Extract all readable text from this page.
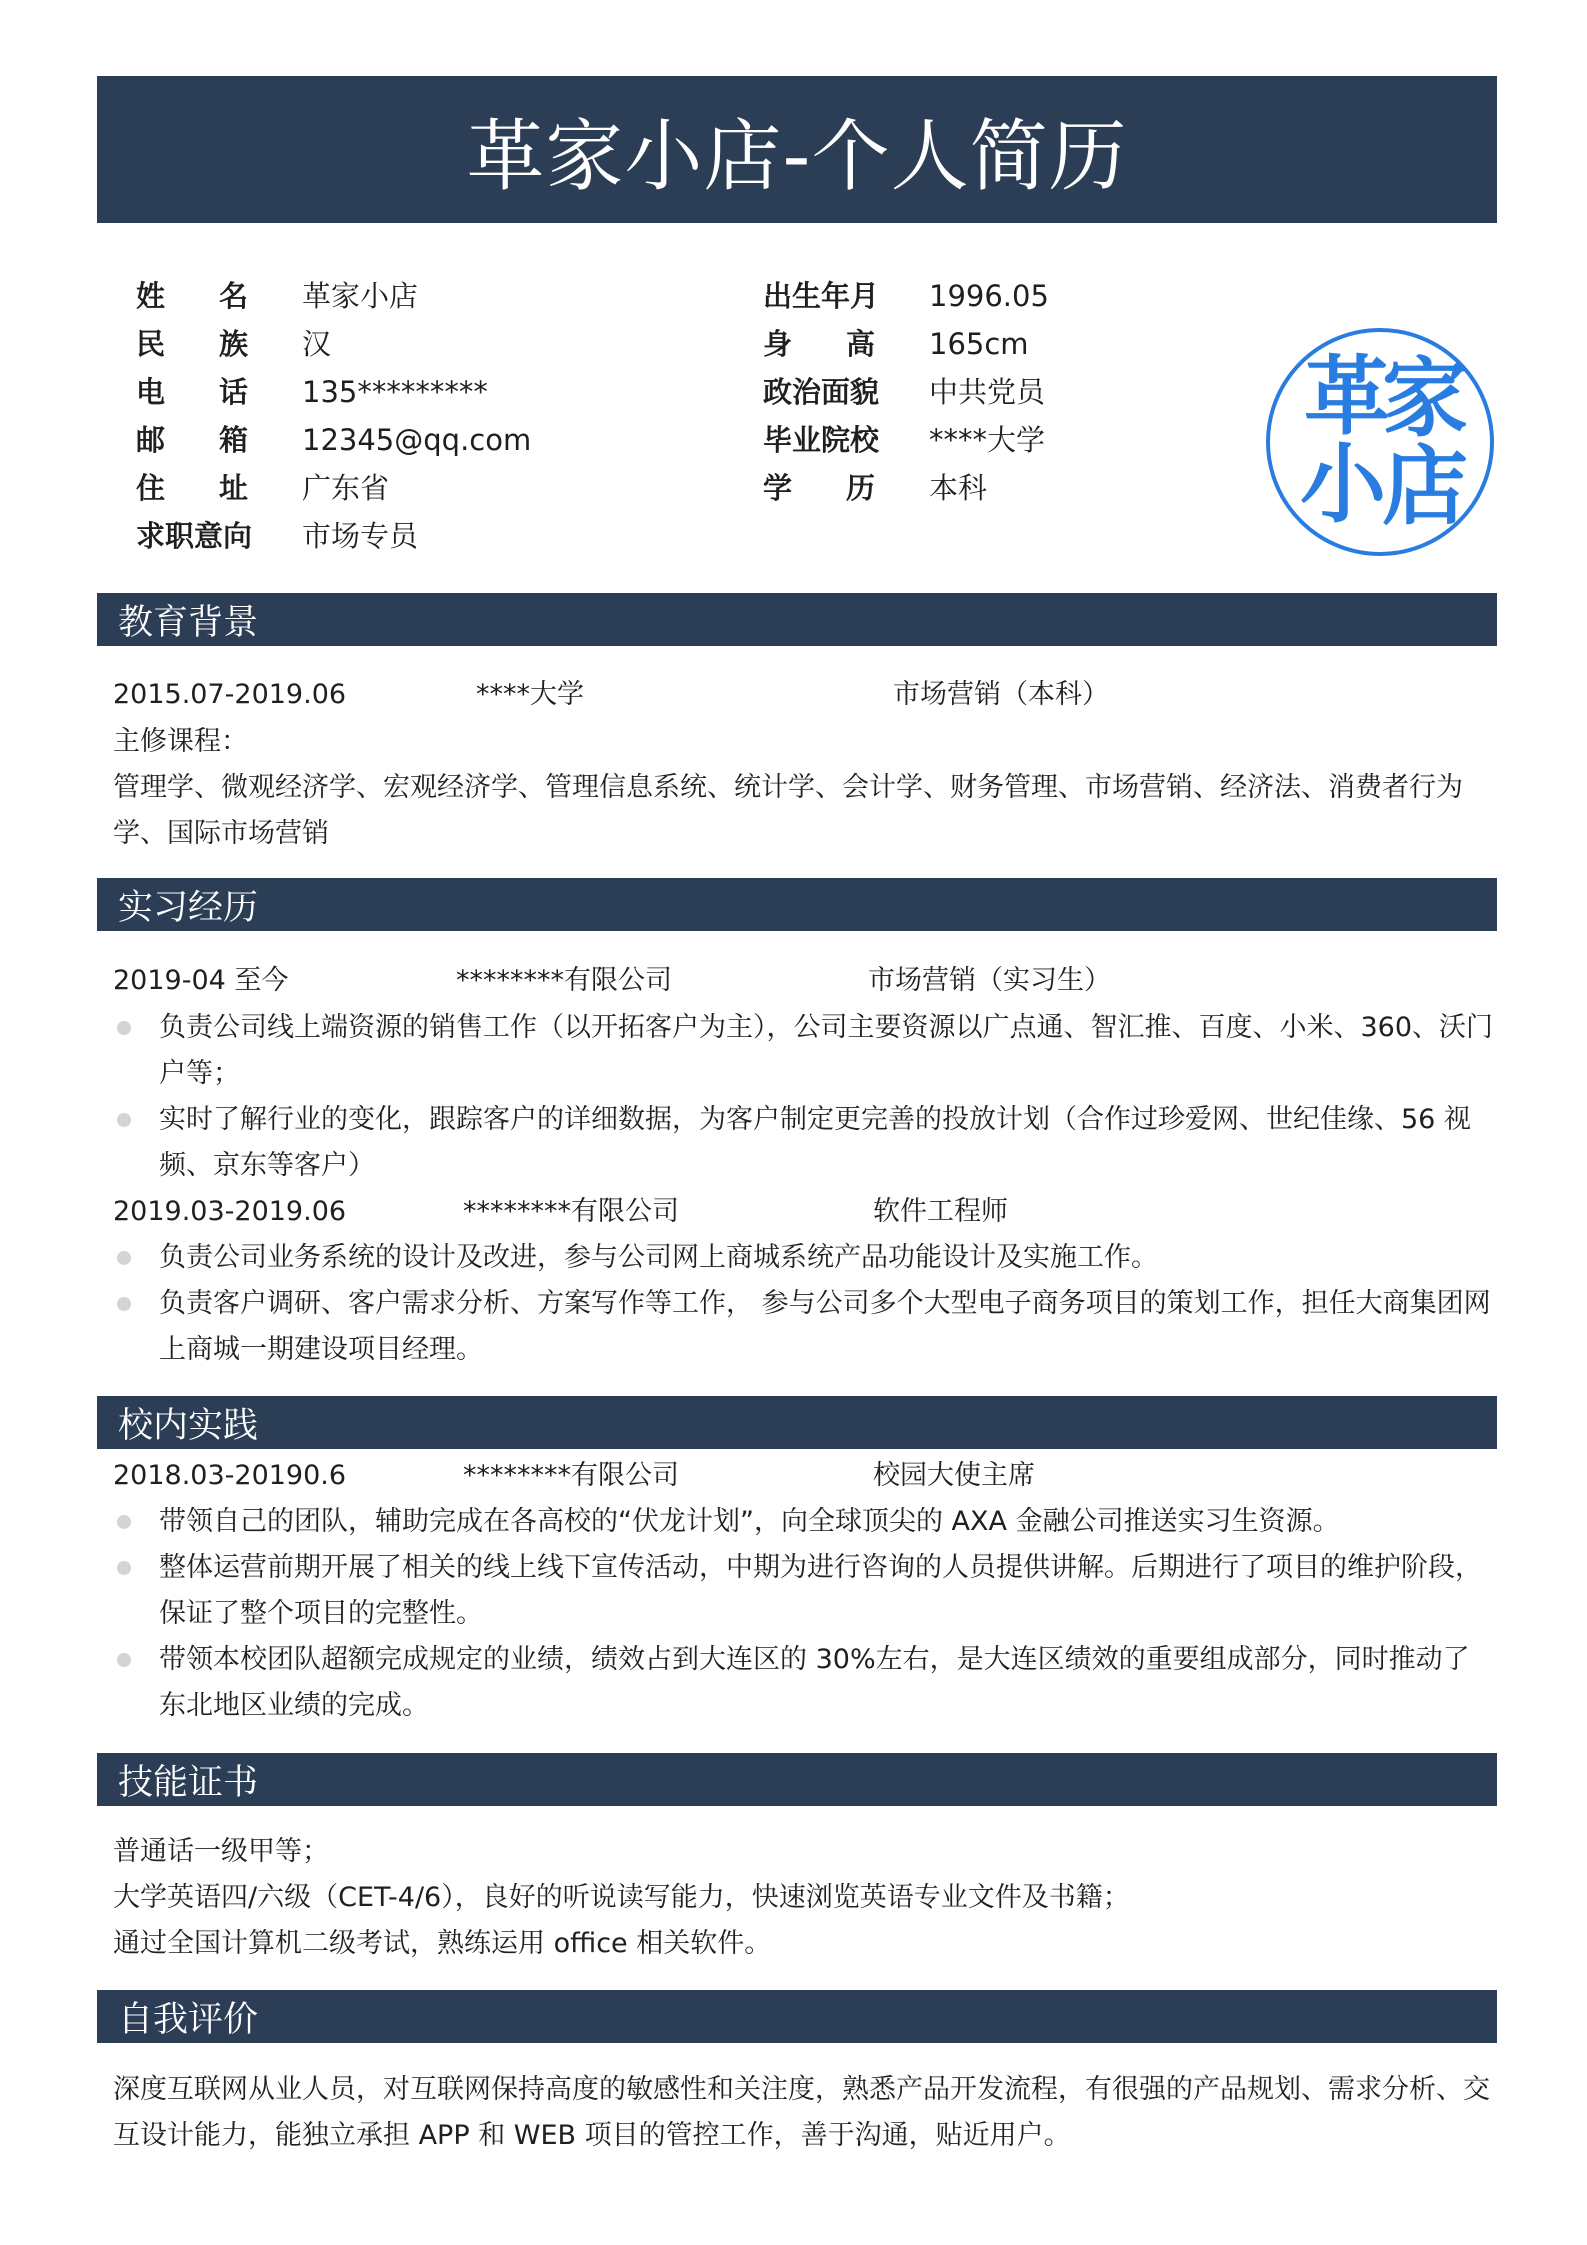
革家小店-个人简历
姓名 革家小店
民族 汉
电话 135*********
邮箱 12345@qq.com
住址 广东省
求职意向 市场专员
出生年月 1996.05
身高 165cm
政治面貌 中共党员
毕业院校 ****大学
学历 本科
革
家
小
店
教育背景
2015.07-2019.06	****大学	市场营销（本科）
主修课程：
管理学、微观经济学、宏观经济学、管理信息系统、统计学、会计学、财务管理、市场营销、经济法、消费者行为学、国际市场营销
实习经历
2019-04 至今	********有限公司	市场营销（实习生）
负责公司线上端资源的销售工作（以开拓客户为主），公司主要资源以广点通、智汇推、百度、小米、360、沃门户等；
实时了解行业的变化，跟踪客户的详细数据，为客户制定更完善的投放计划（合作过珍爱网、世纪佳缘、56 视频、京东等客户）
2019.03-2019.06	********有限公司	软件工程师
负责公司业务系统的设计及改进，参与公司网上商城系统产品功能设计及实施工作。
负责客户调研、客户需求分析、方案写作等工作， 参与公司多个大型电子商务项目的策划工作，担任大商集团网上商城一期建设项目经理。
校内实践
2018.03-20190.6	********有限公司	校园大使主席
带领自己的团队，辅助完成在各高校的“伏龙计划”，向全球顶尖的 AXA 金融公司推送实习生资源。
整体运营前期开展了相关的线上线下宣传活动，中期为进行咨询的人员提供讲解。后期进行了项目的维护阶段，保证了整个项目的完整性。
带领本校团队超额完成规定的业绩，绩效占到大连区的 30%左右，是大连区绩效的重要组成部分，同时推动了东北地区业绩的完成。
技能证书
普通话一级甲等；
大学英语四/六级（CET-4/6），良好的听说读写能力，快速浏览英语专业文件及书籍；
通过全国计算机二级考试，熟练运用 office 相关软件。
自我评价
深度互联网从业人员，对互联网保持高度的敏感性和关注度，熟悉产品开发流程，有很强的产品规划、需求分析、交互设计能力，能独立承担 APP 和 WEB 项目的管控工作，善于沟通，贴近用户。
